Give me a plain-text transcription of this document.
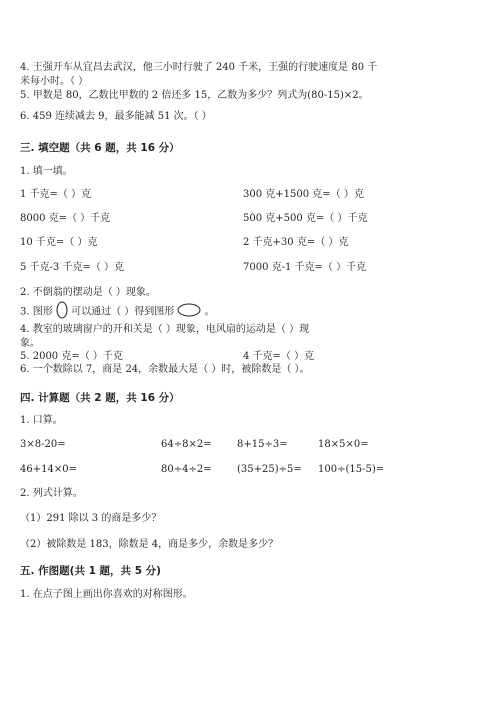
4. 王强开车从宜昌去武汉，他三小时行驶了 240 千米，王强的行驶速度是 80 千
米每小时。（ ）
5. 甲数是 80，乙数比甲数的 2 倍还多 15，乙数为多少？列式为(80-15)×2。
6. 459 连续减去 9，最多能减 51 次。（ ）
三. 填空题（共 6 题，共 16 分）
1. 填一填。
1 千克=（ ）克	300 克+1500 克=（ ）克
8000 克=（ ）千克	500 克+500 克=（ ）千克
10 千克=（ ）克	2 千克+30 克=（ ）克
5 千克-3 千克=（ ）克	7000 克-1 千克=（ ）千克
2. 不倒翁的摆动是（ ）现象。
3. 图形 可以通过（ ）得到图形	。
4. 教室的玻璃窗户的开和关是（ ）现象，电风扇的运动是（ ）现
象。
5. 2000 克=（ ）千克	4 千克=（ ）克
6. 一个数除以 7，商是 24，余数最大是（ ）时，被除数是（ ）。
四. 计算题（共 2 题，共 16 分）
1. 口算。
3×8-20=	64÷8×2=	8+15÷3=	18×5×0=
46+14×0=	80÷4÷2=	(35+25)÷5= 100÷(15-5)=
2. 列式计算。
（1）291 除以 3 的商是多少？
（2）被除数是 183，除数是 4，商是多少，余数是多少？
五. 作图题(共 1 题，共 5 分)
1. 在点子图上画出你喜欢的对称图形。
